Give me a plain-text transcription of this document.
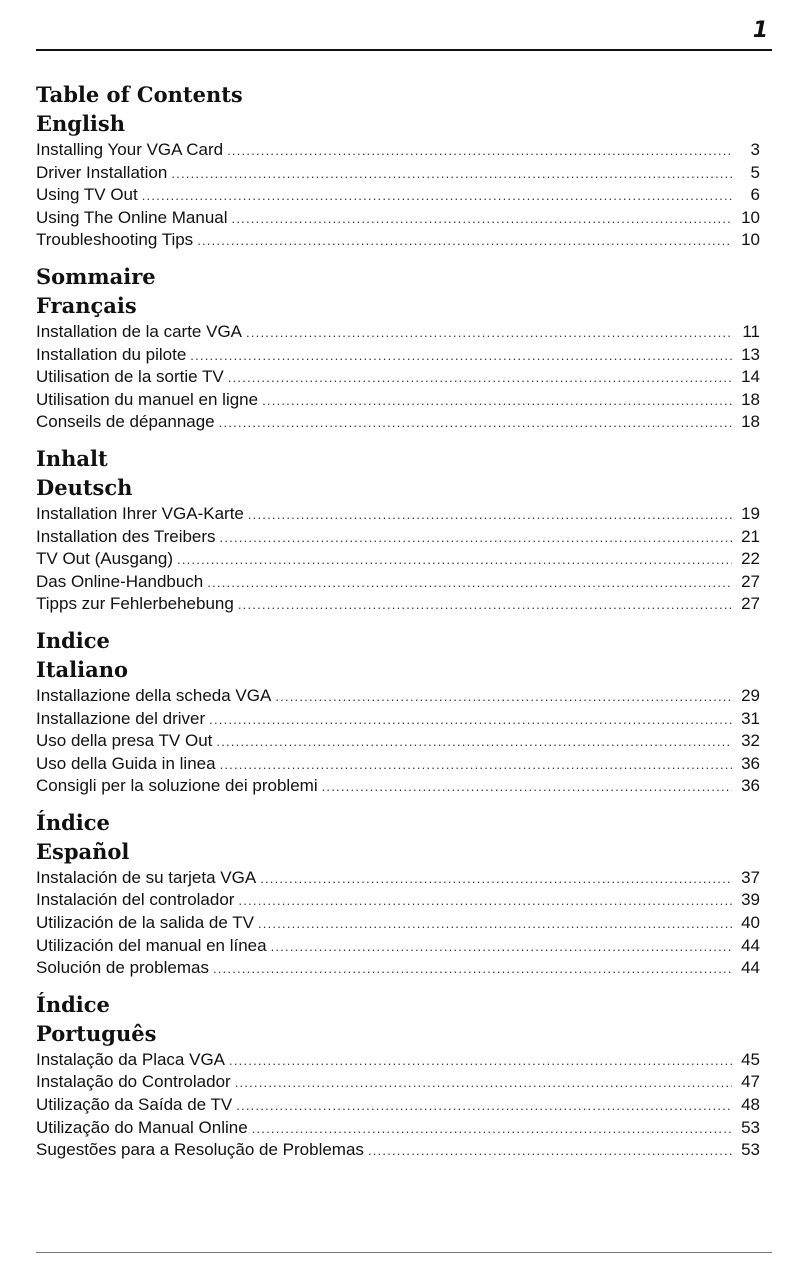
1
Table of Contents
English
Installing Your VGA Card .....	3
Driver Installation .....	5
Using TV Out .....	6
Using The Online Manual .....	10
Troubleshooting Tips .....	10
Sommaire
Français
Installation de la carte VGA .....	11
Installation du pilote .....	13
Utilisation de la sortie TV .....	14
Utilisation du manuel en ligne .....	18
Conseils de dépannage .....	18
Inhalt
Deutsch
Installation Ihrer VGA-Karte .....	19
Installation des Treibers .....	21
TV Out (Ausgang) .....	22
Das Online-Handbuch .....	27
Tipps zur Fehlerbehebung .....	27
Indice
Italiano
Installazione della scheda VGA .....	29
Installazione del driver .....	31
Uso della presa TV Out .....	32
Uso della Guida in linea .....	36
Consigli per la soluzione dei problemi .....	36
Índice
Español
Instalación de su tarjeta VGA .....	37
Instalación del controlador .....	39
Utilización de la salida de TV .....	40
Utilización del manual en línea .....	44
Solución de problemas .....	44
Índice
Português
Instalação da Placa VGA .....	45
Instalação do Controlador .....	47
Utilização da Saída de TV .....	48
Utilização do Manual Online .....	53
Sugestões para a Resolução de Problemas .....	53
